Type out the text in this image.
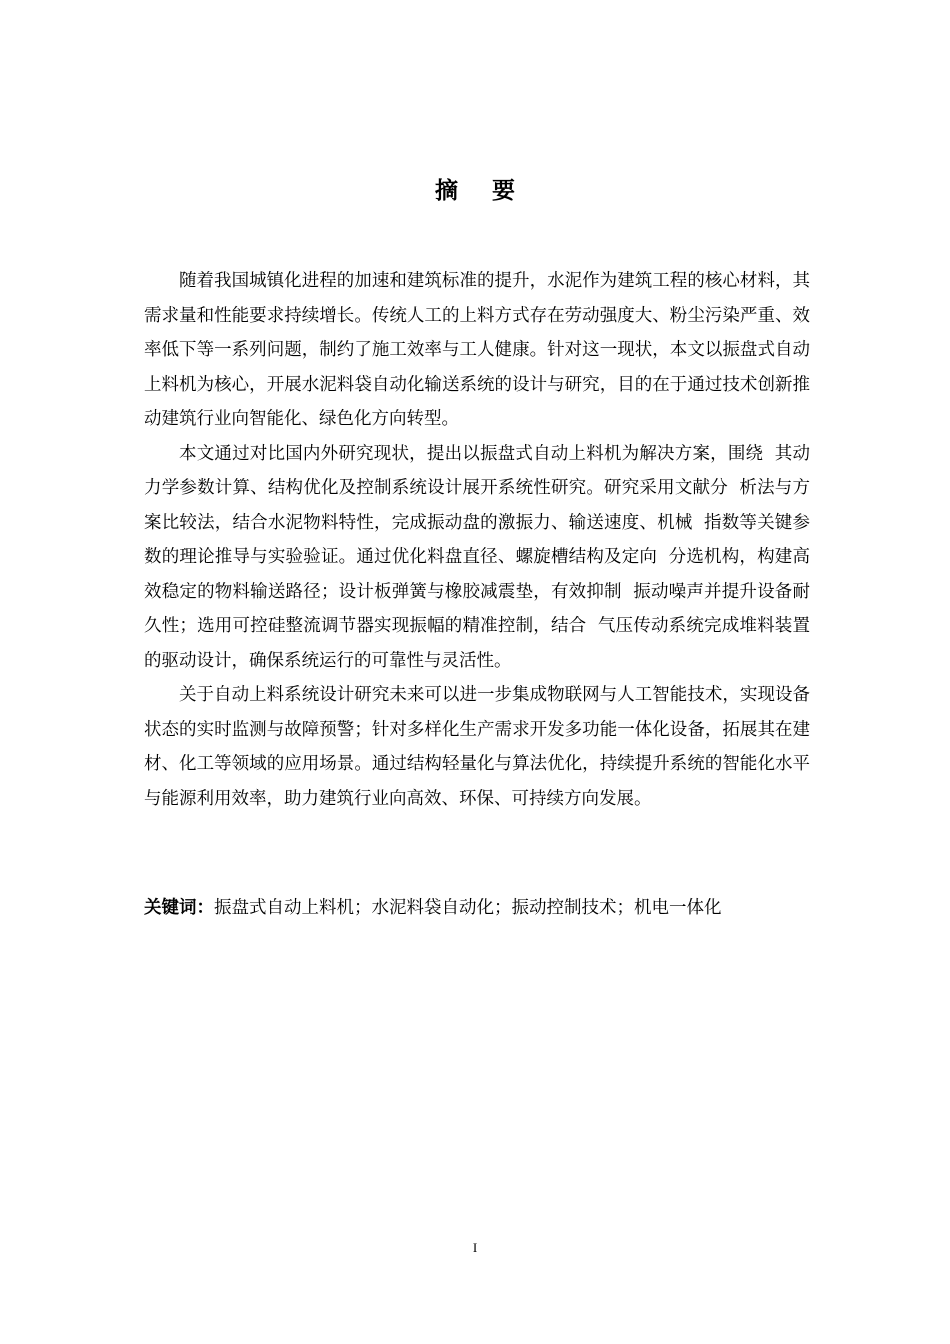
摘 要

随着我国城镇化进程的加速和建筑标准的提升，水泥作为建筑工程的核心材料，其需求量和性能要求持续增长。传统人工的上料方式存在劳动强度大、粉尘污染严重、效率低下等一系列问题，制约了施工效率与工人健康。针对这一现状，本文以振盘式自动上料机为核心，开展水泥料袋自动化输送系统的设计与研究，目的在于通过技术创新推动建筑行业向智能化、绿色化方向转型。

本文通过对比国内外研究现状，提出以振盘式自动上料机为解决方案，围绕  其动力学参数计算、结构优化及控制系统设计展开系统性研究。研究采用文献分  析法与方案比较法，结合水泥物料特性，完成振动盘的激振力、输送速度、机械  指数等关键参数的理论推导与实验验证。通过优化料盘直径、螺旋槽结构及定向  分选机构，构建高效稳定的物料输送路径；设计板弹簧与橡胶减震垫，有效抑制  振动噪声并提升设备耐久性；选用可控硅整流调节器实现振幅的精准控制，结合  气压传动系统完成堆料装置的驱动设计，确保系统运行的可靠性与灵活性。

关于自动上料系统设计研究未来可以进一步集成物联网与人工智能技术，实现设备状态的实时监测与故障预警；针对多样化生产需求开发多功能一体化设备，拓展其在建材、化工等领域的应用场景。通过结构轻量化与算法优化，持续提升系统的智能化水平与能源利用效率，助力建筑行业向高效、环保、可持续方向发展。

关键词：振盘式自动上料机；水泥料袋自动化；振动控制技术；机电一体化
I
